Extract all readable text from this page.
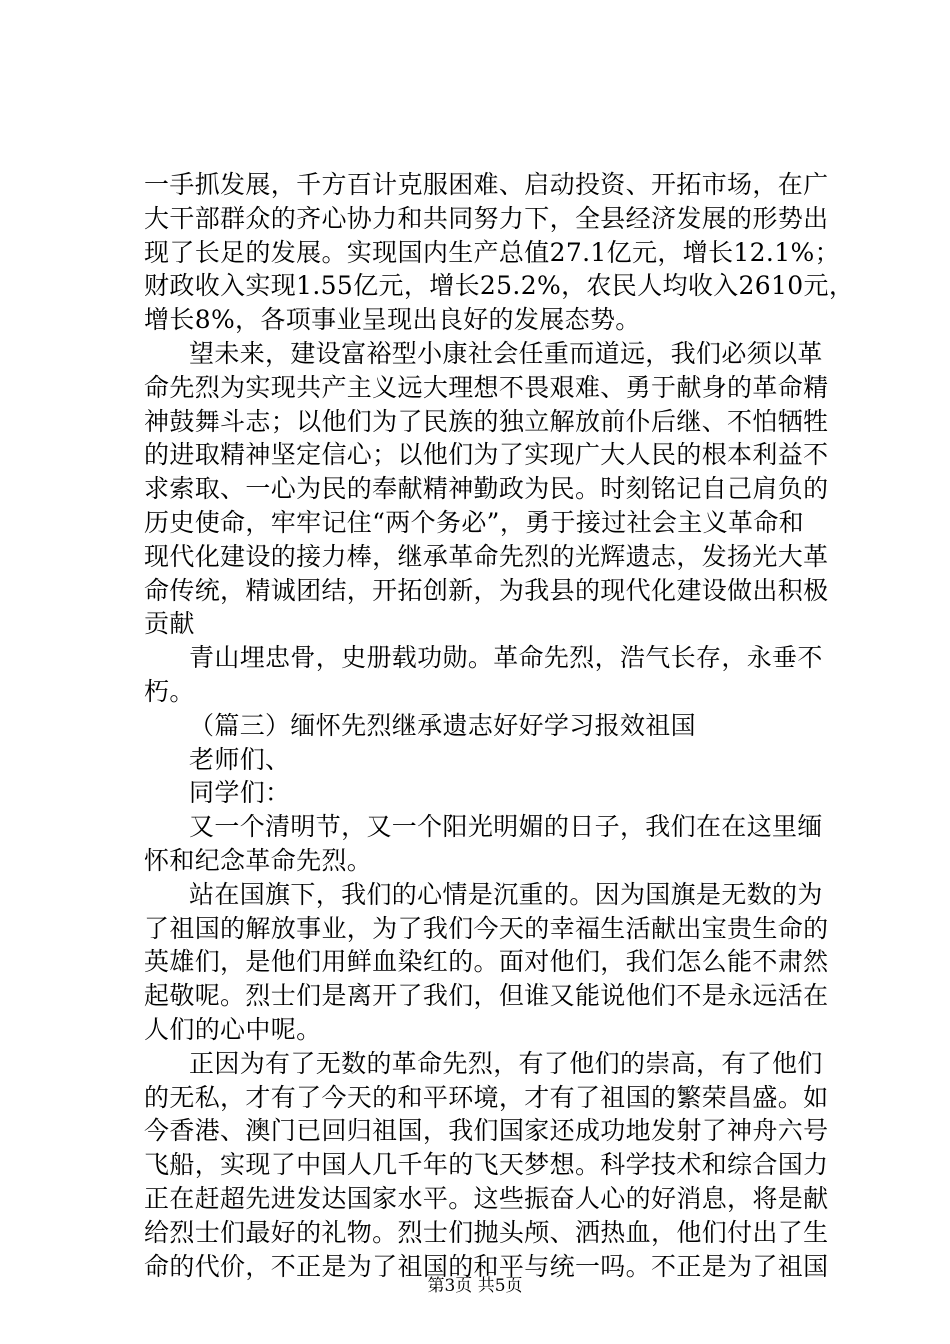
一手抓发展，千方百计克服困难、启动投资、开拓市场，在广
大干部群众的齐心协力和共同努力下，全县经济发展的形势出
现了长足的发展。实现国内生产总值27.1亿元，增长12.1%；
财政收入实现1.55亿元，增长25.2%，农民人均收入2610元，
增长8%，各项事业呈现出良好的发展态势。
望未来，建设富裕型小康社会任重而道远，我们必须以革
命先烈为实现共产主义远大理想不畏艰难、勇于献身的革命精
神鼓舞斗志；以他们为了民族的独立解放前仆后继、不怕牺牲
的进取精神坚定信心；以他们为了实现广大人民的根本利益不
求索取、一心为民的奉献精神勤政为民。时刻铭记自己肩负的
历史使命，牢牢记住“两个务必”，勇于接过社会主义革命和
现代化建设的接力棒，继承革命先烈的光辉遗志，发扬光大革
命传统，精诚团结，开拓创新，为我县的现代化建设做出积极
贡献
青山埋忠骨，史册载功勋。革命先烈，浩气长存，永垂不
朽。
（篇三）缅怀先烈继承遗志好好学习报效祖国
老师们、
同学们：
又一个清明节，又一个阳光明媚的日子，我们在在这里缅
怀和纪念革命先烈。
站在国旗下，我们的心情是沉重的。因为国旗是无数的为
了祖国的解放事业，为了我们今天的幸福生活献出宝贵生命的
英雄们，是他们用鲜血染红的。面对他们，我们怎么能不肃然
起敬呢。烈士们是离开了我们，但谁又能说他们不是永远活在
人们的心中呢。
正因为有了无数的革命先烈，有了他们的崇高，有了他们
的无私，才有了今天的和平环境，才有了祖国的繁荣昌盛。如
今香港、澳门已回归祖国，我们国家还成功地发射了神舟六号
飞船，实现了中国人几千年的飞天梦想。科学技术和综合国力
正在赶超先进发达国家水平。这些振奋人心的好消息，将是献
给烈士们最好的礼物。烈士们抛头颅、洒热血，他们付出了生
命的代价，不正是为了祖国的和平与统一吗。不正是为了祖国
第3页 共5页
